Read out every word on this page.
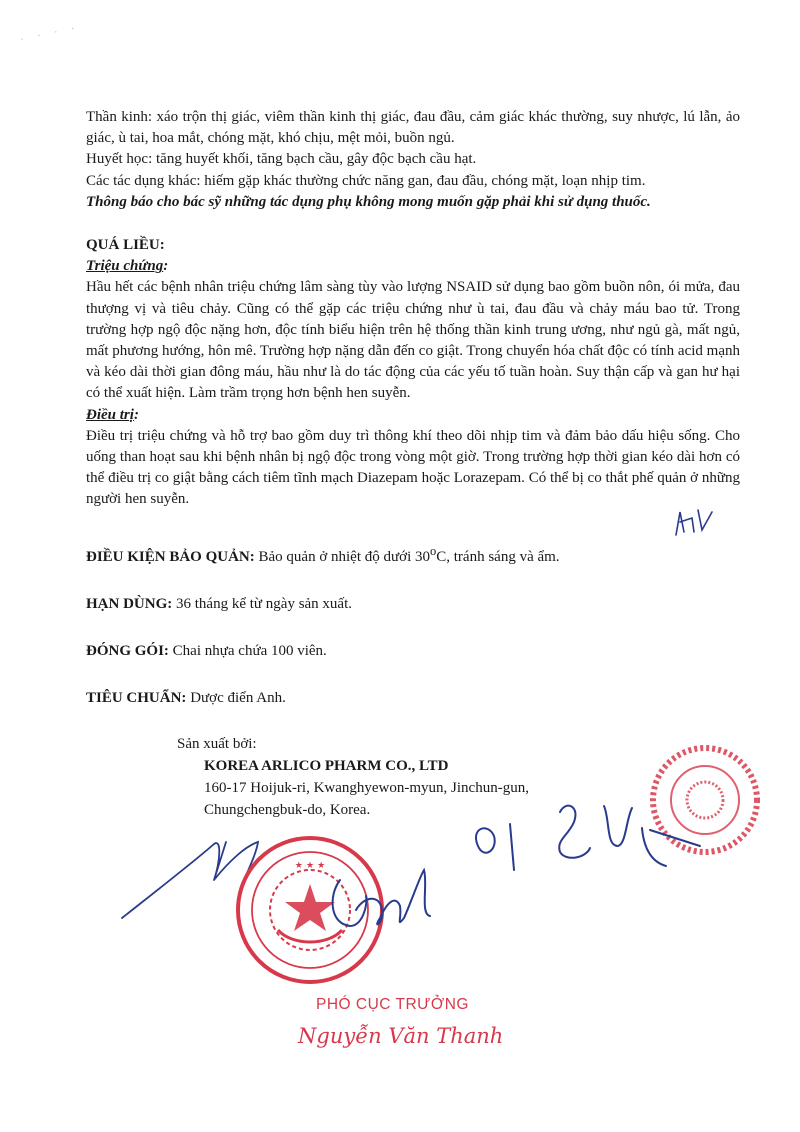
· · · ·

Thần kinh: xáo trộn thị giác, viêm thần kinh thị giác, đau đầu, cảm giác khác thường, suy nhược, lú lẫn, ảo giác, ù tai, hoa mắt, chóng mặt, khó chịu, mệt mỏi, buồn ngủ.

Huyết học: tăng huyết khối, tăng bạch cầu, gây độc bạch cầu hạt.

Các tác dụng khác: hiếm gặp khác thường chức năng gan, đau đầu, chóng mặt, loạn nhịp tim.

Thông báo cho bác sỹ những tác dụng phụ không mong muốn gặp phải khi sử dụng thuốc.

QUÁ LIỀU:

Triệu chứng:

Hầu hết các bệnh nhân triệu chứng lâm sàng tùy vào lượng NSAID sử dụng bao gồm buồn nôn, ói mửa, đau thượng vị và tiêu chảy. Cũng có thể gặp các triệu chứng như ù tai, đau đầu và chảy máu bao tử. Trong trường hợp ngộ độc nặng hơn, độc tính biểu hiện trên hệ thống thần kinh trung ương, như ngủ gà, mất ngủ, mất phương hướng, hôn mê. Trường hợp nặng dẫn đến co giật. Trong chuyển hóa chất độc có tính acid mạnh và kéo dài thời gian đông máu, hầu như là do tác động của các yếu tố tuần hoàn. Suy thận cấp và gan hư hại có thể xuất hiện. Làm trầm trọng hơn bệnh hen suyễn.

Điều trị:

Điều trị triệu chứng và hỗ trợ bao gồm duy trì thông khí theo dõi nhịp tim và đảm bảo dấu hiệu sống. Cho uống than hoạt sau khi bệnh nhân bị ngộ độc trong vòng một giờ. Trong trường hợp thời gian kéo dài hơn có thể điều trị co giật bằng cách tiêm tĩnh mạch Diazepam hoặc Lorazepam. Có thể bị co thắt phế quản ở những người hen suyễn.

ĐIỀU KIỆN BẢO QUẢN: Bảo quản ở nhiệt độ dưới 30$^o$C, tránh sáng và ẩm.

HẠN DÙNG: 36 tháng kể từ ngày sản xuất.

ĐÓNG GÓI: Chai nhựa chứa 100 viên.

TIÊU CHUẨN: Dược điển Anh.

Sản xuất bởi:

KOREA ARLICO PHARM CO., LTD

160-17 Hoijuk-ri, Kwanghyewon-myun, Jinchun-gun,

Chungchengbuk-do, Korea.

★ ★ ★
PHÓ CỤC TRƯỞNG
Nguyễn Văn Thanh
